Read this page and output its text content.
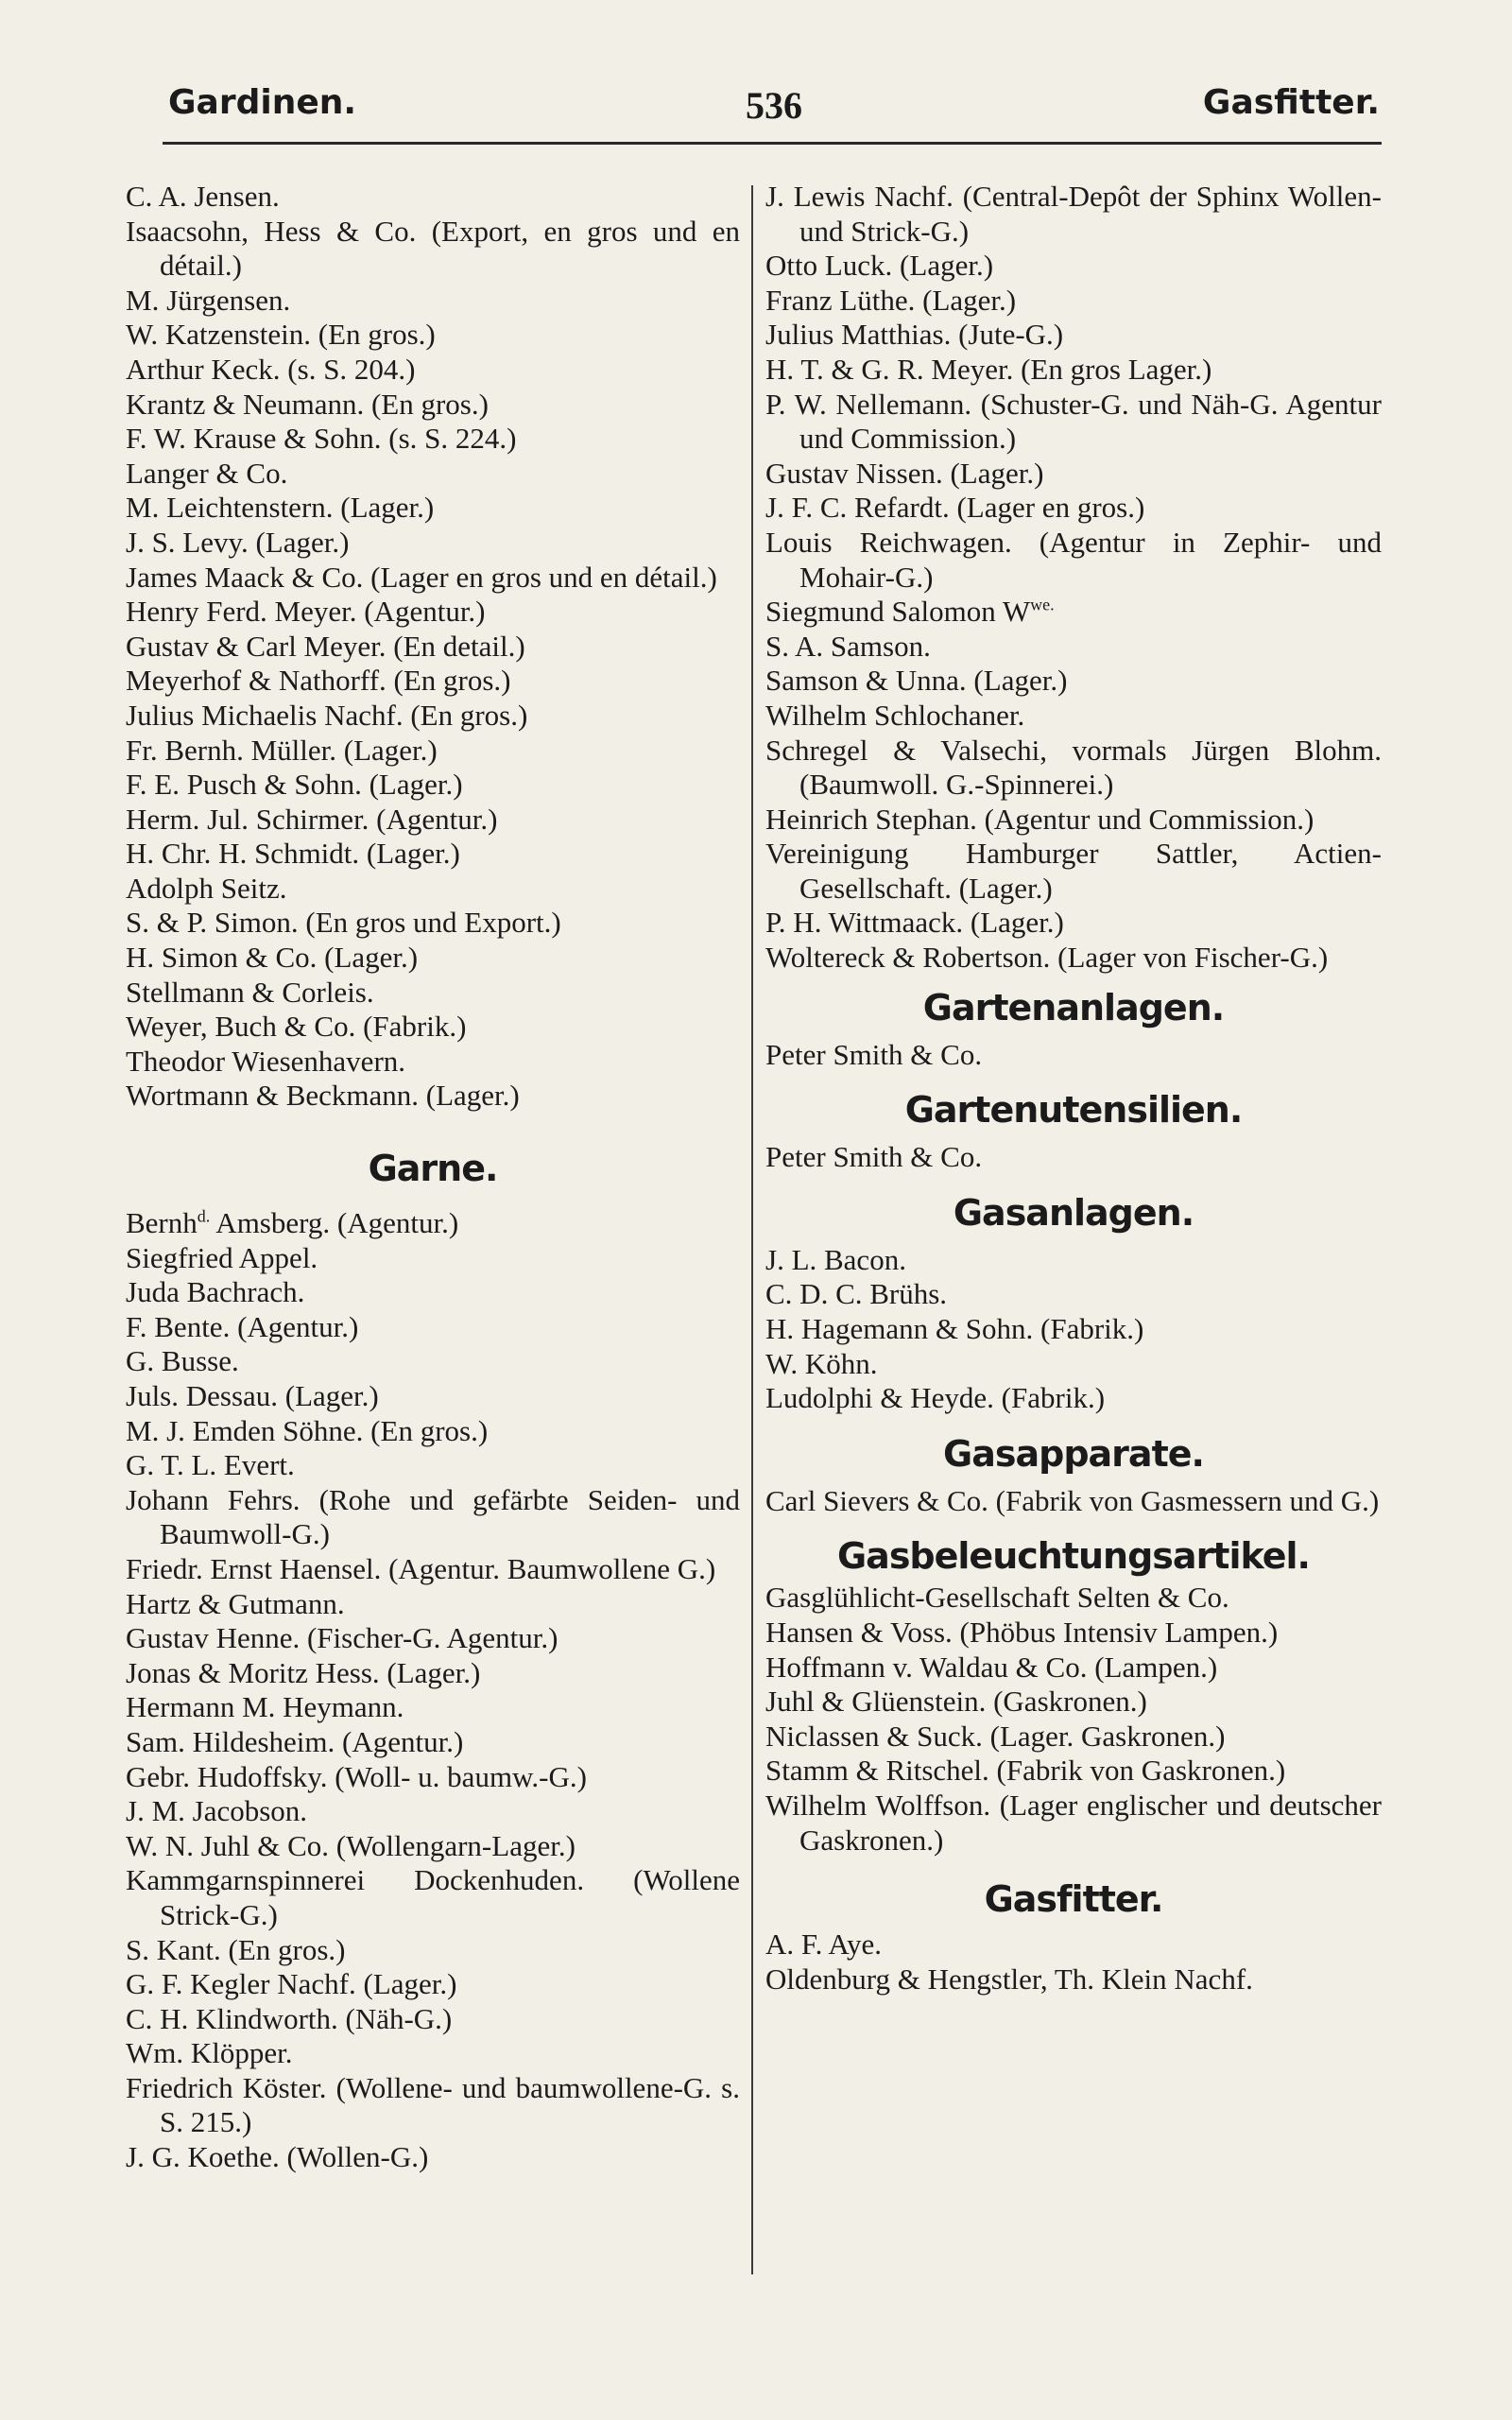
Gardinen.	536	Gasfitter.

C. A. Jensen.

Isaacsohn, Hess & Co. (Export, en gros und en détail.)

M. Jürgensen.

W. Katzenstein. (En gros.)

Arthur Keck. (s. S. 204.)

Krantz & Neumann. (En gros.)

F. W. Krause & Sohn. (s. S. 224.)

Langer & Co.

M. Leichtenstern. (Lager.)

J. S. Levy. (Lager.)

James Maack & Co. (Lager en gros und en détail.)

Henry Ferd. Meyer. (Agentur.)

Gustav & Carl Meyer. (En detail.)

Meyerhof & Nathorff. (En gros.)

Julius Michaelis Nachf. (En gros.)

Fr. Bernh. Müller. (Lager.)

F. E. Pusch & Sohn. (Lager.)

Herm. Jul. Schirmer. (Agentur.)

H. Chr. H. Schmidt. (Lager.)

Adolph Seitz.

S. & P. Simon. (En gros und Export.)

H. Simon & Co. (Lager.)

Stellmann & Corleis.

Weyer, Buch & Co. (Fabrik.)

Theodor Wiesenhavern.

Wortmann & Beckmann. (Lager.)

Garne.

Bernh$^{d.}$ Amsberg. (Agentur.)

Siegfried Appel.

Juda Bachrach.

F. Bente. (Agentur.)

G. Busse.

Juls. Dessau. (Lager.)

M. J. Emden Söhne. (En gros.)

G. T. L. Evert.

Johann Fehrs. (Rohe und gefärbte Seiden- und Baumwoll-G.)

Friedr. Ernst Haensel. (Agentur. Baumwollene G.)

Hartz & Gutmann.

Gustav Henne. (Fischer-G. Agentur.)

Jonas & Moritz Hess. (Lager.)

Hermann M. Heymann.

Sam. Hildesheim. (Agentur.)

Gebr. Hudoffsky. (Woll- u. baumw.-G.)

J. M. Jacobson.

W. N. Juhl & Co. (Wollengarn-Lager.)

Kammgarnspinnerei Dockenhuden. (Wollene Strick-G.)

S. Kant. (En gros.)

G. F. Kegler Nachf. (Lager.)

C. H. Klindworth. (Näh-G.)

Wm. Klöpper.

Friedrich Köster. (Wollene- und baumwollene-G. s. S. 215.)

J. G. Koethe. (Wollen-G.)

J. Lewis Nachf. (Central-Depôt der Sphinx Wollen- und Strick-G.)

Otto Luck. (Lager.)

Franz Lüthe. (Lager.)

Julius Matthias. (Jute-G.)

H. T. & G. R. Meyer. (En gros Lager.)

P. W. Nellemann. (Schuster-G. und Näh-G. Agentur und Commission.)

Gustav Nissen. (Lager.)

J. F. C. Refardt. (Lager en gros.)

Louis Reichwagen. (Agentur in Zephir- und Mohair-G.)

Siegmund Salomon $W^{we.}$

S. A. Samson.

Samson & Unna. (Lager.)

Wilhelm Schlochaner.

Schregel & Valsechi, vormals Jürgen Blohm. (Baumwoll. G.-Spinnerei.)

Heinrich Stephan. (Agentur und Commission.)

Vereinigung Hamburger Sattler, Actien-Gesellschaft. (Lager.)

P. H. Wittmaack. (Lager.)

Woltereck & Robertson. (Lager von Fischer-G.)

Gartenanlagen.

Peter Smith & Co.

Gartenutensilien.

Peter Smith & Co.

Gasanlagen.

J. L. Bacon.

C. D. C. Brühs.

H. Hagemann & Sohn. (Fabrik.)

W. Köhn.

Ludolphi & Heyde. (Fabrik.)

Gasapparate.

Carl Sievers & Co. (Fabrik von Gasmessern und G.)

Gasbeleuchtungsartikel.

Gasglühlicht-Gesellschaft Selten & Co.

Hansen & Voss. (Phöbus Intensiv Lampen.)

Hoffmann v. Waldau & Co. (Lampen.)

Juhl & Glüenstein. (Gaskronen.)

Niclassen & Suck. (Lager. Gaskronen.)

Stamm & Ritschel. (Fabrik von Gaskronen.)

Wilhelm Wolffson. (Lager englischer und deutscher Gaskronen.)

Gasfitter.

A. F. Aye.

Oldenburg & Hengstler, Th. Klein Nachf.
